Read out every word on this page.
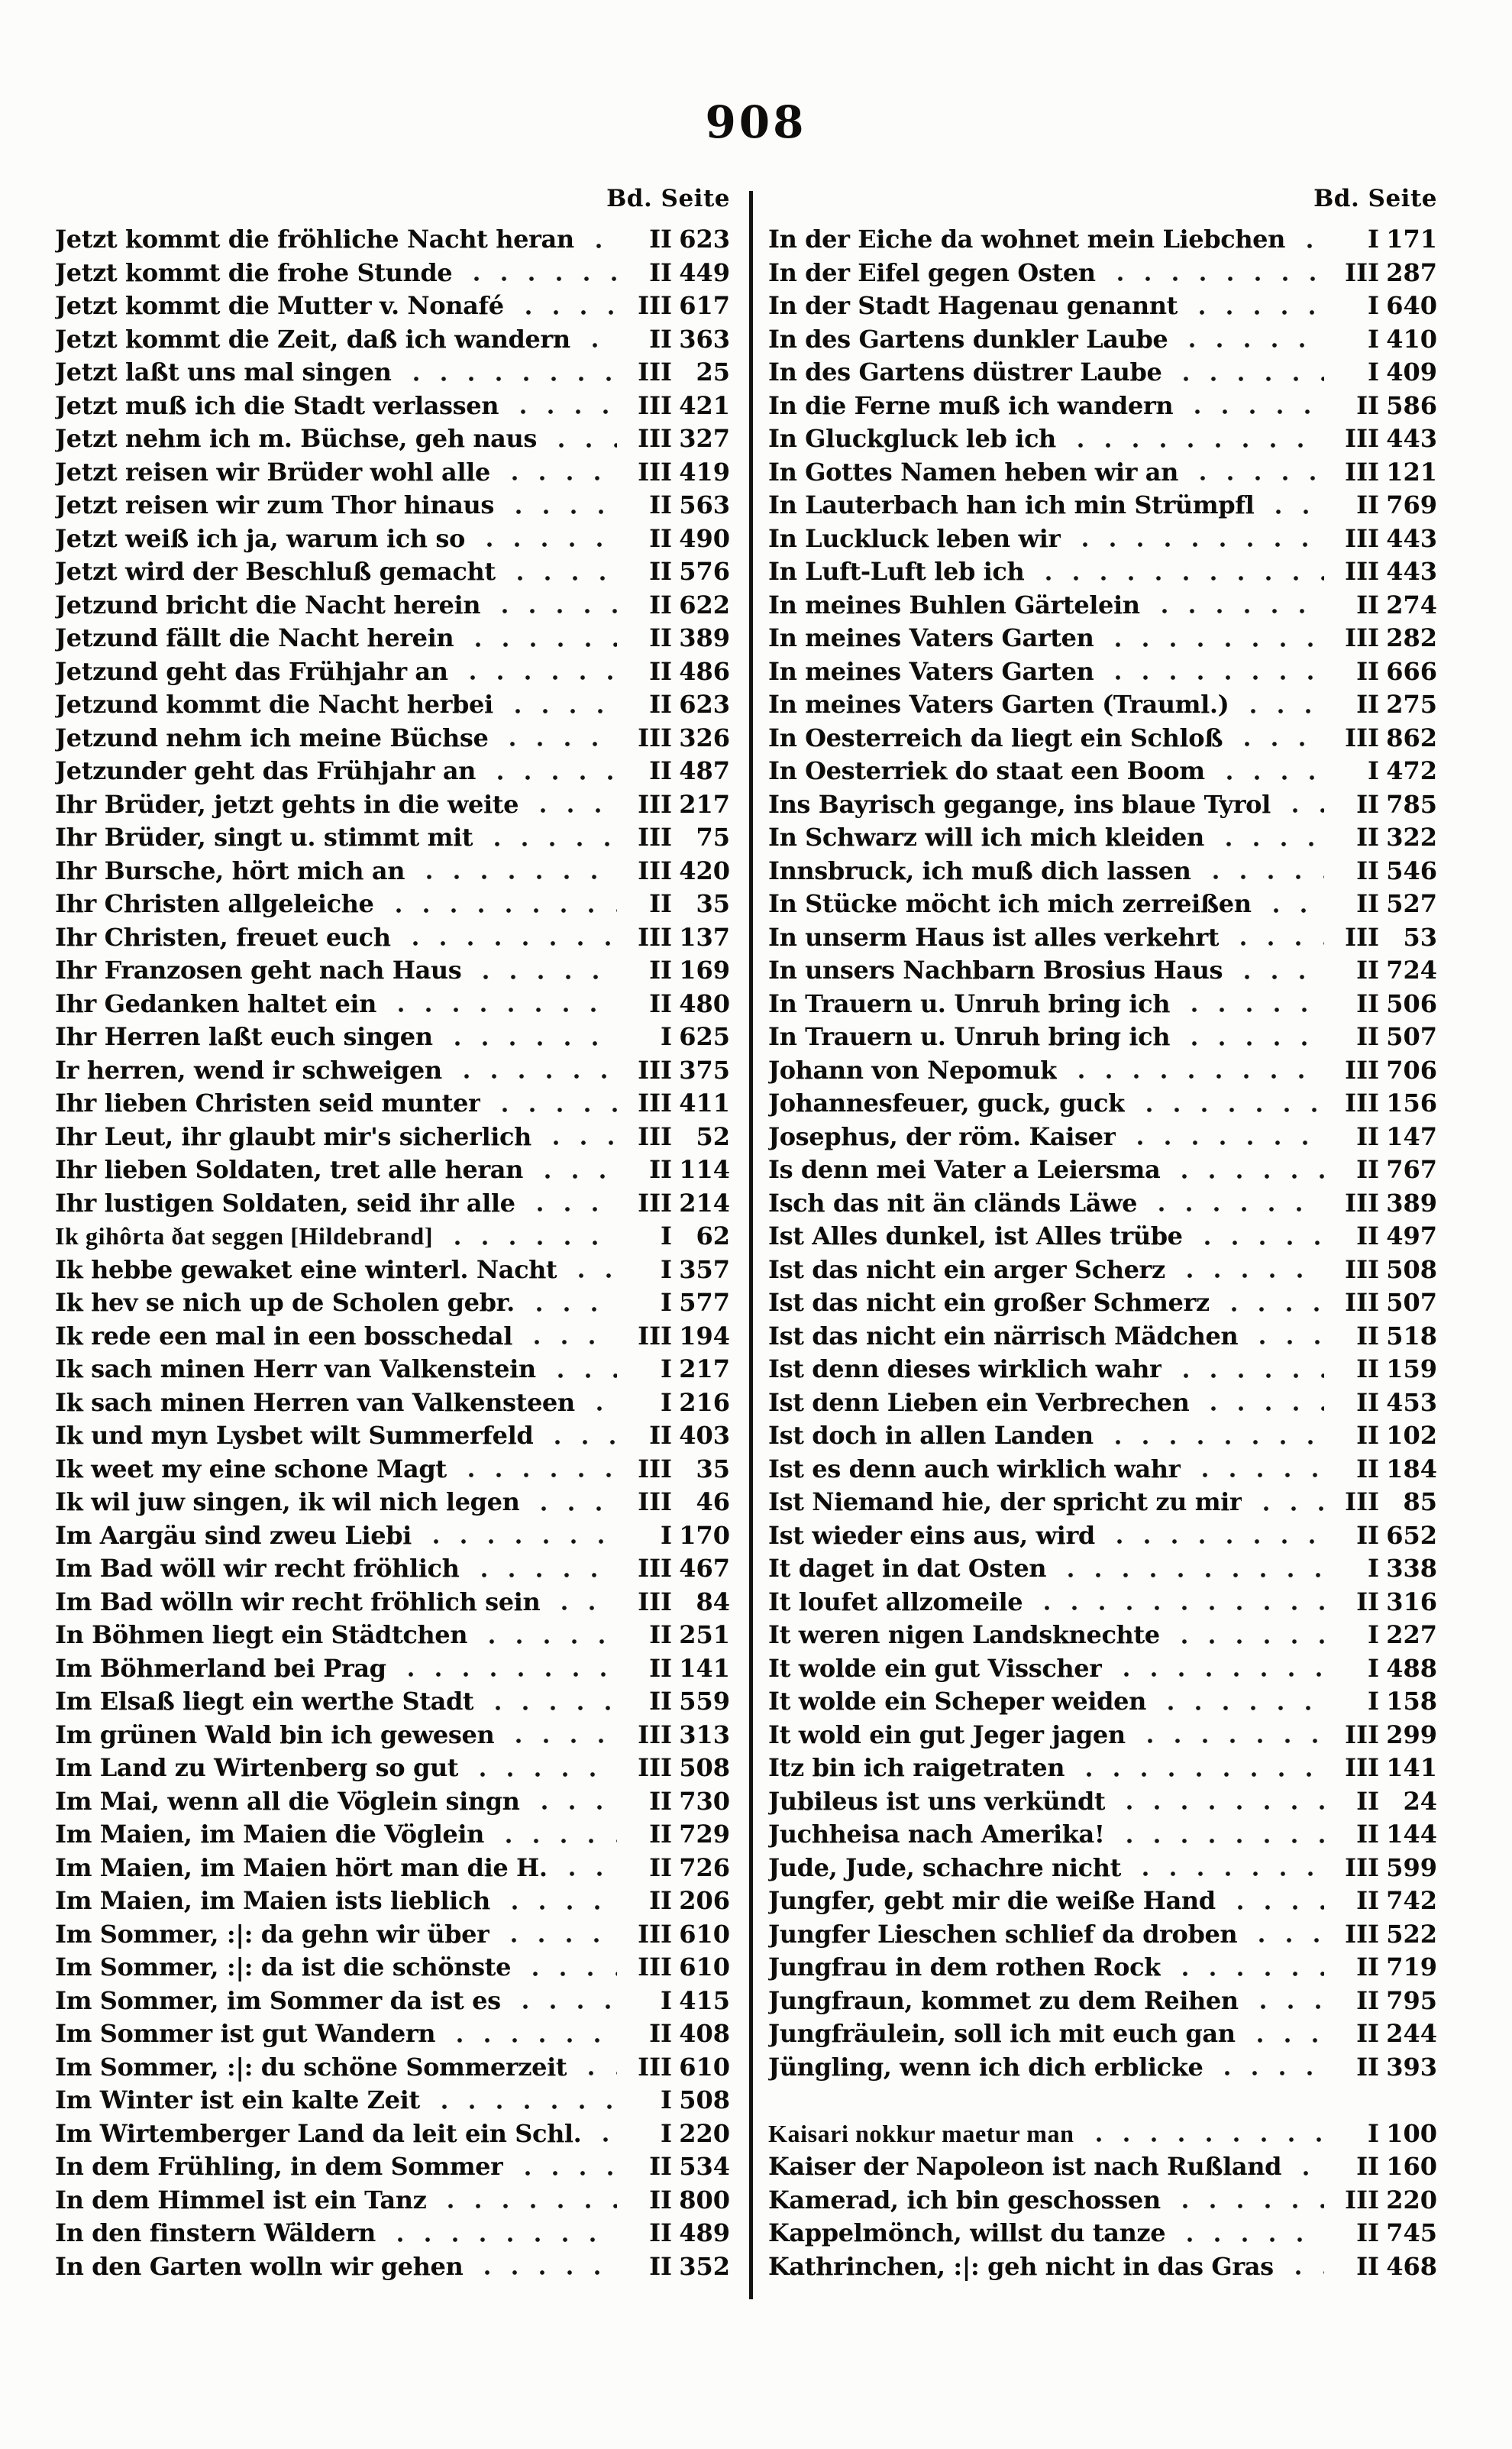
908
Bd. Seite
Jetzt kommt die fröhliche Nacht heran	II 623
Jetzt kommt die frohe Stunde	II 449
Jetzt kommt die Mutter v. Nonafé	III 617
Jetzt kommt die Zeit, daß ich wandern	II 363
Jetzt laßt uns mal singen	III 25
Jetzt muß ich die Stadt verlassen	III 421
Jetzt nehm ich m. Büchse, geh naus	III 327
Jetzt reisen wir Brüder wohl alle	III 419
Jetzt reisen wir zum Thor hinaus	II 563
Jetzt weiß ich ja, warum ich so	II 490
Jetzt wird der Beschluß gemacht	II 576
Jetzund bricht die Nacht herein	II 622
Jetzund fällt die Nacht herein	II 389
Jetzund geht das Frühjahr an	II 486
Jetzund kommt die Nacht herbei	II 623
Jetzund nehm ich meine Büchse	III 326
Jetzunder geht das Frühjahr an	II 487
Ihr Brüder, jetzt gehts in die weite	III 217
Ihr Brüder, singt u. stimmt mit	III 75
Ihr Bursche, hört mich an	III 420
Ihr Christen allgeleiche	II 35
Ihr Christen, freuet euch	III 137
Ihr Franzosen geht nach Haus	II 169
Ihr Gedanken haltet ein	II 480
Ihr Herren laßt euch singen	I 625
Ir herren, wend ir schweigen	III 375
Ihr lieben Christen seid munter	III 411
Ihr Leut, ihr glaubt mir's sicherlich	III 52
Ihr lieben Soldaten, tret alle heran	II 114
Ihr lustigen Soldaten, seid ihr alle	III 214
Ik gihôrta ðat seggen [Hildebrand]	I 62
Ik hebbe gewaket eine winterl. Nacht	I 357
Ik hev se nich up de Scholen gebr.	I 577
Ik rede een mal in een bosschedal	III 194
Ik sach minen Herr van Valkenstein	I 217
Ik sach minen Herren van Valkensteen	I 216
Ik und myn Lysbet wilt Summerfeld	II 403
Ik weet my eine schone Magt	III 35
Ik wil juw singen, ik wil nich legen	III 46
Im Aargäu sind zweu Liebi	I 170
Im Bad wöll wir recht fröhlich	III 467
Im Bad wölln wir recht fröhlich sein	III 84
In Böhmen liegt ein Städtchen	II 251
Im Böhmerland bei Prag	II 141
Im Elsaß liegt ein werthe Stadt	II 559
Im grünen Wald bin ich gewesen	III 313
Im Land zu Wirtenberg so gut	III 508
Im Mai, wenn all die Vöglein singn	II 730
Im Maien, im Maien die Vöglein	II 729
Im Maien, im Maien hört man die H.	II 726
Im Maien, im Maien ists lieblich	II 206
Im Sommer, :|: da gehn wir über	III 610
Im Sommer, :|: da ist die schönste	III 610
Im Sommer, im Sommer da ist es	I 415
Im Sommer ist gut Wandern	II 408
Im Sommer, :|: du schöne Sommerzeit	III 610
Im Winter ist ein kalte Zeit	I 508
Im Wirtemberger Land da leit ein Schl.	I 220
In dem Frühling, in dem Sommer	II 534
In dem Himmel ist ein Tanz	II 800
In den finstern Wäldern	II 489
In den Garten wolln wir gehen	II 352
Bd. Seite
In der Eiche da wohnet mein Liebchen	I 171
In der Eifel gegen Osten	III 287
In der Stadt Hagenau genannt	I 640
In des Gartens dunkler Laube	I 410
In des Gartens düstrer Laube	I 409
In die Ferne muß ich wandern	II 586
In Gluckgluck leb ich	III 443
In Gottes Namen heben wir an	III 121
In Lauterbach han ich min Strümpfl	II 769
In Luckluck leben wir	III 443
In Luft-Luft leb ich	III 443
In meines Buhlen Gärtelein	II 274
In meines Vaters Garten	III 282
In meines Vaters Garten	II 666
In meines Vaters Garten (Trauml.)	II 275
In Oesterreich da liegt ein Schloß	III 862
In Oesterriek do staat een Boom	I 472
Ins Bayrisch gegange, ins blaue Tyrol	II 785
In Schwarz will ich mich kleiden	II 322
Innsbruck, ich muß dich lassen	II 546
In Stücke möcht ich mich zerreißen	II 527
In unserm Haus ist alles verkehrt	III 53
In unsers Nachbarn Brosius Haus	II 724
In Trauern u. Unruh bring ich	II 506
In Trauern u. Unruh bring ich	II 507
Johann von Nepomuk	III 706
Johannesfeuer, guck, guck	III 156
Josephus, der röm. Kaiser	II 147
Is denn mei Vater a Leiersma	II 767
Isch das nit än cländs Läwe	III 389
Ist Alles dunkel, ist Alles trübe	II 497
Ist das nicht ein arger Scherz	III 508
Ist das nicht ein großer Schmerz	III 507
Ist das nicht ein närrisch Mädchen	II 518
Ist denn dieses wirklich wahr	II 159
Ist denn Lieben ein Verbrechen	II 453
Ist doch in allen Landen	II 102
Ist es denn auch wirklich wahr	II 184
Ist Niemand hie, der spricht zu mir	III 85
Ist wieder eins aus, wird	II 652
It daget in dat Osten	I 338
It loufet allzomeile	II 316
It weren nigen Landsknechte	I 227
It wolde ein gut Visscher	I 488
It wolde ein Scheper weiden	I 158
It wold ein gut Jeger jagen	III 299
Itz bin ich raigetraten	III 141
Jubileus ist uns verkündt	II 24
Juchheisa nach Amerika!	II 144
Jude, Jude, schachre nicht	III 599
Jungfer, gebt mir die weiße Hand	II 742
Jungfer Lieschen schlief da droben	III 522
Jungfrau in dem rothen Rock	II 719
Jungfraun, kommet zu dem Reihen	II 795
Jungfräulein, soll ich mit euch gan	II 244
Jüngling, wenn ich dich erblicke	II 393
Kaisari nokkur maetur man	I 100
Kaiser der Napoleon ist nach Rußland	II 160
Kamerad, ich bin geschossen	III 220
Kappelmönch, willst du tanze	II 745
Kathrinchen, :|: geh nicht in das Gras	II 468
